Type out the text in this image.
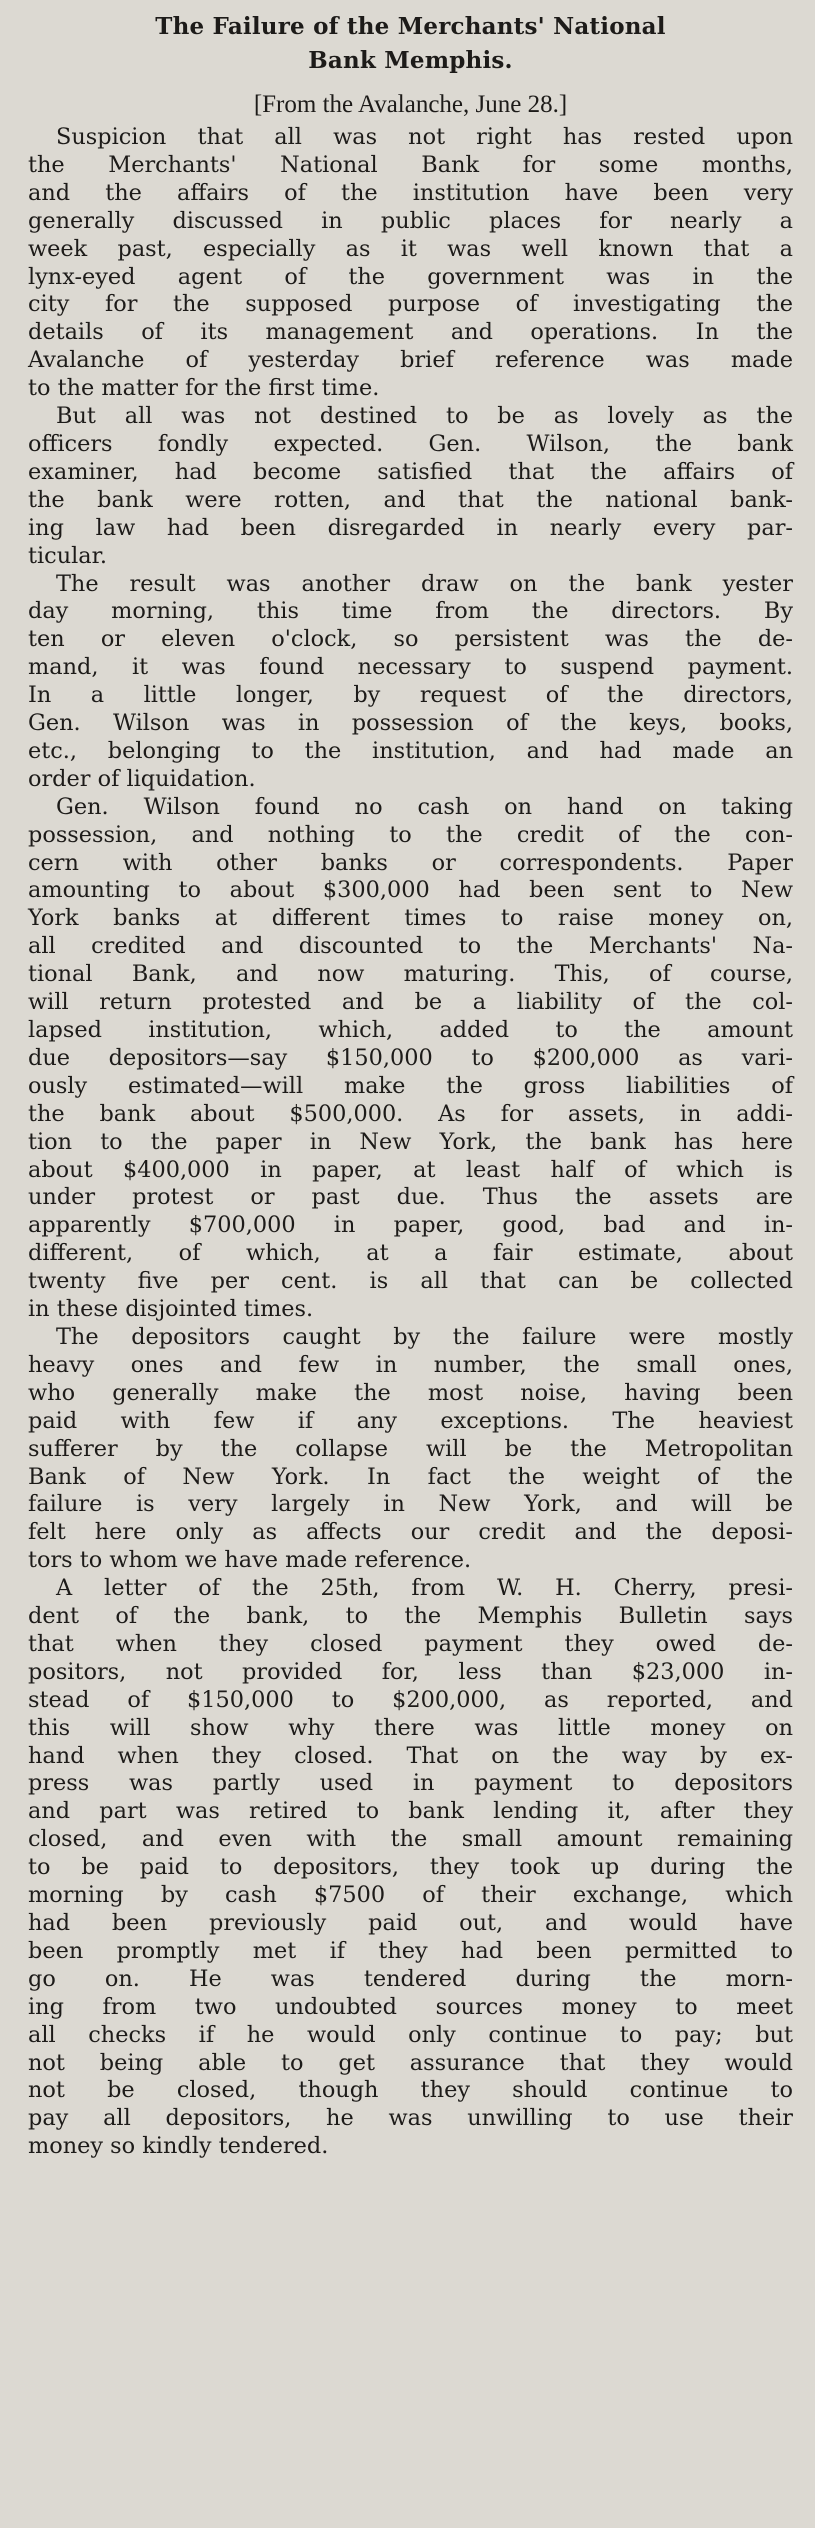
The Failure of the Merchants' National
Bank Memphis.
[From the Avalanche, June 28.]
Suspicion that all was not right has rested upon
the Merchants' National Bank for some months,
and the affairs of the institution have been very
generally discussed in public places for nearly a
week past, especially as it was well known that a
lynx-eyed agent of the government was in the
city for the supposed purpose of investigating the
details of its management and operations. In the
Avalanche of yesterday brief reference was made
to the matter for the first time.
But all was not destined to be as lovely as the
officers fondly expected. Gen. Wilson, the bank
examiner, had become satisfied that the affairs of
the bank were rotten, and that the national bank-
ing law had been disregarded in nearly every par-
ticular.
The result was another draw on the bank yester
day morning, this time from the directors. By
ten or eleven o'clock, so persistent was the de-
mand, it was found necessary to suspend payment.
In a little longer, by request of the directors,
Gen. Wilson was in possession of the keys, books,
etc., belonging to the institution, and had made an
order of liquidation.
Gen. Wilson found no cash on hand on taking
possession, and nothing to the credit of the con-
cern with other banks or correspondents. Paper
amounting to about $300,000 had been sent to New
York banks at different times to raise money on,
all credited and discounted to the Merchants' Na-
tional Bank, and now maturing. This, of course,
will return protested and be a liability of the col-
lapsed institution, which, added to the amount
due depositors—say $150,000 to $200,000 as vari-
ously estimated—will make the gross liabilities of
the bank about $500,000. As for assets, in addi-
tion to the paper in New York, the bank has here
about $400,000 in paper, at least half of which is
under protest or past due. Thus the assets are
apparently $700,000 in paper, good, bad and in-
different, of which, at a fair estimate, about
twenty five per cent. is all that can be collected
in these disjointed times.
The depositors caught by the failure were mostly
heavy ones and few in number, the small ones,
who generally make the most noise, having been
paid with few if any exceptions. The heaviest
sufferer by the collapse will be the Metropolitan
Bank of New York. In fact the weight of the
failure is very largely in New York, and will be
felt here only as affects our credit and the deposi-
tors to whom we have made reference.
A letter of the 25th, from W. H. Cherry, presi-
dent of the bank, to the Memphis Bulletin says
that when they closed payment they owed de-
positors, not provided for, less than $23,000 in-
stead of $150,000 to $200,000, as reported, and
this will show why there was little money on
hand when they closed. That on the way by ex-
press was partly used in payment to depositors
and part was retired to bank lending it, after they
closed, and even with the small amount remaining
to be paid to depositors, they took up during the
morning by cash $7500 of their exchange, which
had been previously paid out, and would have
been promptly met if they had been permitted to
go on. He was tendered during the morn-
ing from two undoubted sources money to meet
all checks if he would only continue to pay; but
not being able to get assurance that they would
not be closed, though they should continue to
pay all depositors, he was unwilling to use their
money so kindly tendered.
